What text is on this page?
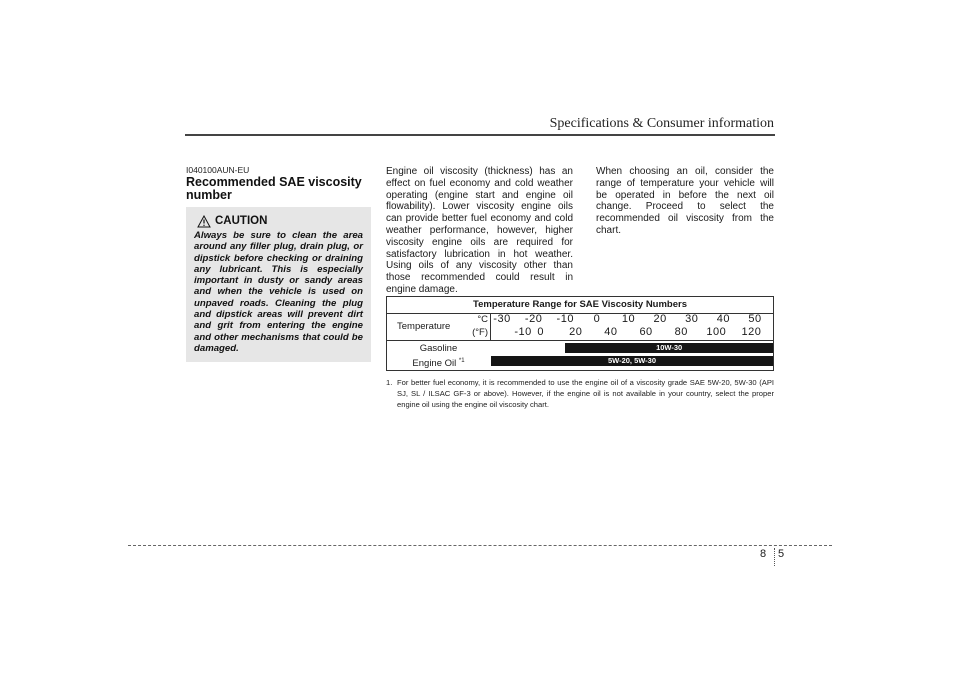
Specifications & Consumer information
I040100AUN-EU
Recommended SAE viscosity number
CAUTION

Always be sure to clean the area around any filler plug, drain plug, or dipstick before checking or draining any lubricant. This is especially important in dusty or sandy areas and when the vehicle is used on unpaved roads. Cleaning the plug and dipstick areas will prevent dirt and grit from entering the engine and other mechanisms that could be damaged.

Engine oil viscosity (thickness) has an effect on fuel economy and cold weather operating (engine start and engine oil flowability). Lower viscosity engine oils can provide better fuel economy and cold weather performance, however, higher viscosity engine oils are required for satisfactory lubrication in hot weather. Using oils of any viscosity other than those recommended could result in engine damage.

When choosing an oil, consider the range of temperature your vehicle will be operated in before the next oil change. Proceed to select the recommended oil viscosity from the chart.

Temperature Range for SAE Viscosity Numbers
Temperature
°C
(°F)
Gasoline
Engine Oil $^{*1}$
-30 -20 -10 0 10 20 30 40 50
-10 0 20 40 60 80 100 120
10W-30
5W-20, 5W-30

1. For better fuel economy, it is recommended to use the engine oil of a viscosity grade SAE 5W-20, 5W-30 (API SJ, SL / ILSAC GF-3 or above). However, if the engine oil is not available in your country, select the proper engine oil using the engine oil viscosity chart.

8 5
